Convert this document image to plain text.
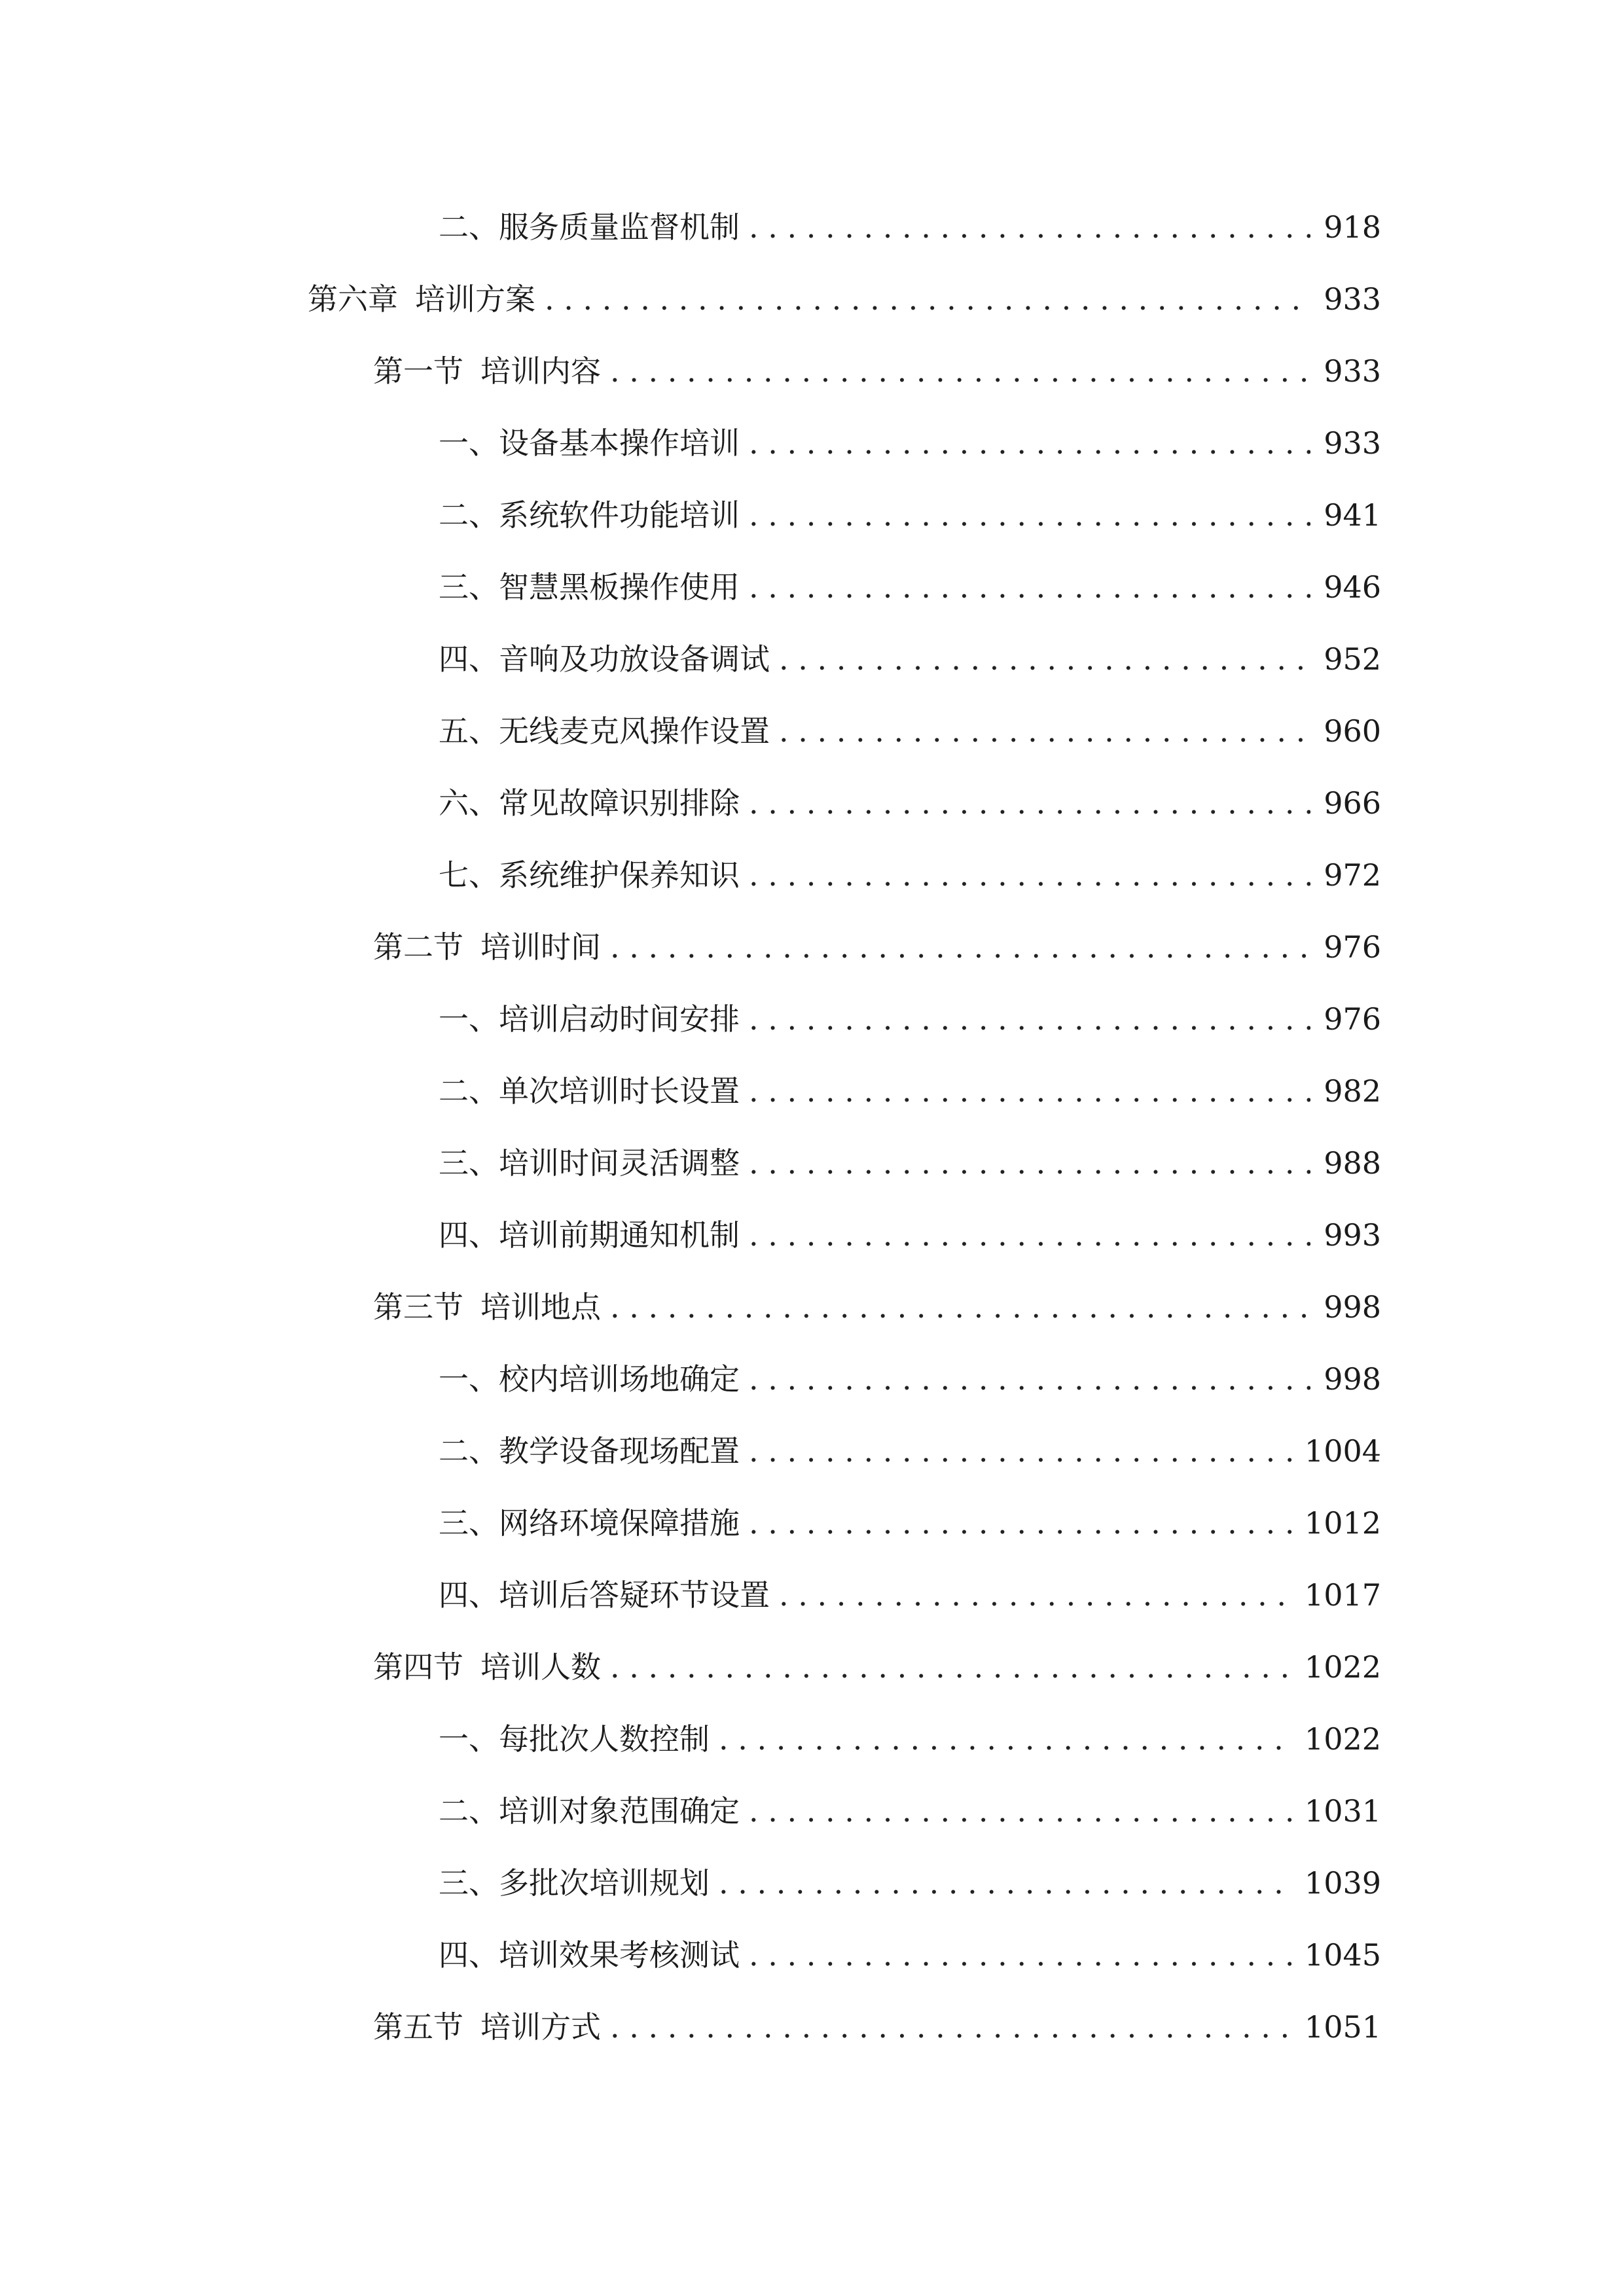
二、 服务质量监督机制 . . .	918
第六章 培训方案 . . .	933
第一节 培训内容 . . .	933
一、 设备基本操作培训 . . .	933
二、 系统软件功能培训 . . .	941
三、 智慧黑板操作使用 . . .	946
四、 音响及功放设备调试 . . .	952
五、 无线麦克风操作设置 . . .	960
六、 常见故障识别排除 . . .	966
七、 系统维护保养知识 . . .	972
第二节 培训时间 . . .	976
一、 培训启动时间安排 . . .	976
二、 单次培训时长设置 . . .	982
三、 培训时间灵活调整 . . .	988
四、 培训前期通知机制 . . .	993
第三节 培训地点 . . .	998
一、 校内培训场地确定 . . .	998
二、 教学设备现场配置 . . .	1004
三、 网络环境保障措施 . . .	1012
四、 培训后答疑环节设置 . . .	1017
第四节 培训人数 . . .	1022
一、 每批次人数控制 . . .	1022
二、 培训对象范围确定 . . .	1031
三、 多批次培训规划 . . .	1039
四、 培训效果考核测试 . . .	1045
第五节 培训方式 . . .	1051
